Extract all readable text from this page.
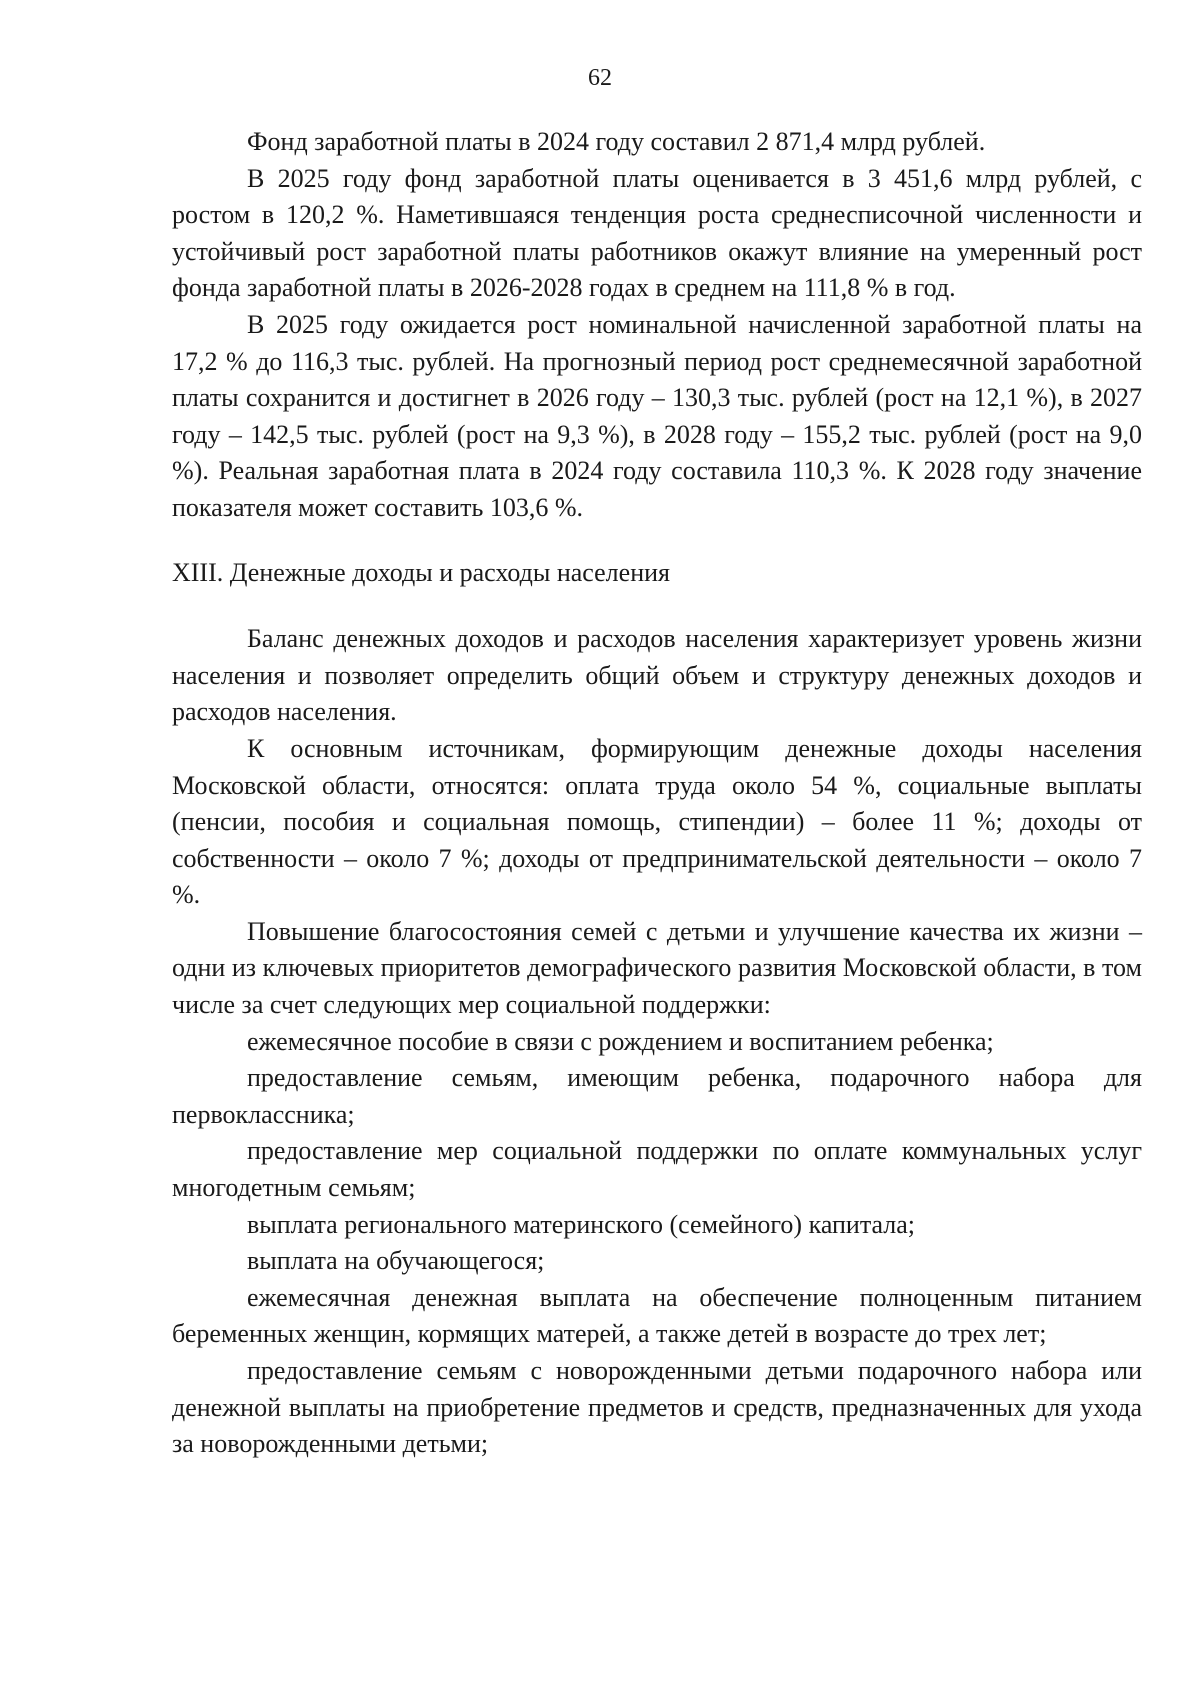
62

Фонд заработной платы в 2024 году составил 2 871,4 млрд рублей.

В 2025 году фонд заработной платы оценивается в 3 451,6 млрд рублей, с ростом в 120,2 %. Наметившаяся тенденция роста среднесписочной численности и устойчивый рост заработной платы работников окажут влияние на умеренный рост фонда заработной платы в 2026-2028 годах в среднем на 111,8 % в год.

В 2025 году ожидается рост номинальной начисленной заработной платы на 17,2 % до 116,3 тыс. рублей. На прогнозный период рост среднемесячной заработной платы сохранится и достигнет в 2026 году – 130,3 тыс. рублей (рост на 12,1 %), в 2027 году – 142,5 тыс. рублей (рост на 9,3 %), в 2028 году – 155,2 тыс. рублей (рост на 9,0 %). Реальная заработная плата в 2024 году составила 110,3 %. К 2028 году значение показателя может составить 103,6 %.

XIII. Денежные доходы и расходы населения

Баланс денежных доходов и расходов населения характеризует уровень жизни населения и позволяет определить общий объем и структуру денежных доходов и расходов населения.

К основным источникам, формирующим денежные доходы населения Московской области, относятся: оплата труда около 54 %, социальные выплаты (пенсии, пособия и социальная помощь, стипендии) – более 11 %; доходы от собственности – около 7 %; доходы от предпринимательской деятельности – около 7 %.

Повышение благосостояния семей с детьми и улучшение качества их жизни – одни из ключевых приоритетов демографического развития Московской области, в том числе за счет следующих мер социальной поддержки:

ежемесячное пособие в связи с рождением и воспитанием ребенка;

предоставление семьям, имеющим ребенка, подарочного набора для первоклассника;

предоставление мер социальной поддержки по оплате коммунальных услуг многодетным семьям;

выплата регионального материнского (семейного) капитала;

выплата на обучающегося;

ежемесячная денежная выплата на обеспечение полноценным питанием беременных женщин, кормящих матерей, а также детей в возрасте до трех лет;

предоставление семьям с новорожденными детьми подарочного набора или денежной выплаты на приобретение предметов и средств, предназначенных для ухода за новорожденными детьми;
